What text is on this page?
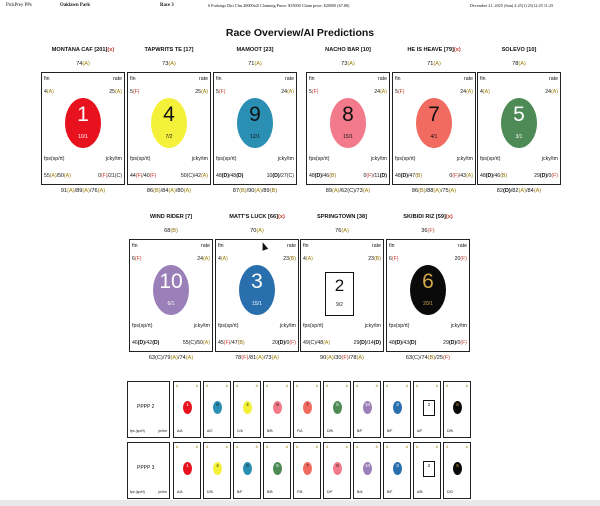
PickPrey PPs	Oaklawn Park	Race 3	6 Furlongs Dirt Clm 20000n2l Claiming Purse: $35000 Claim price: $20000 (67.80)	December 21, 2025 (Sun) 2:25(1) 25(12:25 11:25
Race Overview/AI Predictions
MONTANA CAF [201](x)
74(A)
fin	rate
4(A)	25(A)
1
10/1
fps(sp/rt)	jcky/tm
55(A)/50(A)	0(F)/21(C)
91(A)/89(A)/76(A)
TAPWRITS TE [17]
73(A)
fin	rate
5(F)	25(A)
4
7/2
fps(sp/rt)	jcky/tm
44(F)/40(F)	50(C)/42(A)
86(B)/84(A)/80(A)
MAMOOT [23]
71(A)
fin	rate
5(F)	24(A)
9
12/1
fps(sp/rt)	jcky/tm
48(D)/48(D)	10(D)/27(C)
87(B)/90(A)/89(B)
NACHO BAR [10]
73(A)
fin	rate
5(F)	24(A)
8
15/1
fps(sp/rt)	jcky/tm
48(D)/46(B)	0(F)/11(D)
89(A)/62(C)/73(A)
HE IS HEAVE [79](x)
71(A)
fin	rate
5(F)	24(A)
7
4/1
fps(sp/rt)	jcky/tm
48(D)/47(B)	0(F)/43(A)
86(B)/88(A)/75(A)
SOLEVO [10]
78(A)
fin	rate
4(A)	24(A)
5
3/1
fps(sp/rt)	jcky/tm
48(D)/46(B)	29(D)/0(F)
82(D)/82(A)/84(A)
WIND RIDER [7]
68(B)
fin	rate
6(F)	24(A)
10
6/1
fps(sp/rt)	jcky/tm
46(D)/42(D)	55(C)/50(A)
63(C)/79(A)/74(A)
MATT'S LUCK [66](x)
70(A)
fin	rate
4(A)	23(B)
3
15/1
fps(sp/rt)	jcky/tm
45(F)/47(B)	20(D)/0(F)
78(F)/81(A)/73(A)
SPRINGTOWN [38]
76(A)
fin	rate
4(A)	23(B)
2
9/2
fps(sp/rt)	jcky/tm
49(C)/48(A)	29(D)/14(D)
90(A)/30(F)/78(A)
SKIBIDI RIZ [59](x)
36(F)
fin	rate
6(F)	20(F)
6
20/1
fps(sp/rt)	jcky/tm
48(D)/43(D)	29(D)/0(F)
63(C)/74(B)/25(F)
PPPP 2
fps (sp/rt)	jm/tm
A	A
1
A/A
A	A
9
A/C
A	A
4
C/A
A	A
8
B/B
A	A
7
F/A
A	A
5
D/B
A	A
10
B/F
A	A
3
B/F
A	A
2
A/F
A	A
6
D/B
PPPP 3
fps (sp/rt)	jm/tm
A	A
1
A/A
A	A
4
D/B
A	A
9
B/F
A	A
5
B/B
A	A
7
F/B
A	A
8
D/F
A	A
10
B/A
A	A
3
B/F
A	A
2
A/B
A	A
6
D/D
